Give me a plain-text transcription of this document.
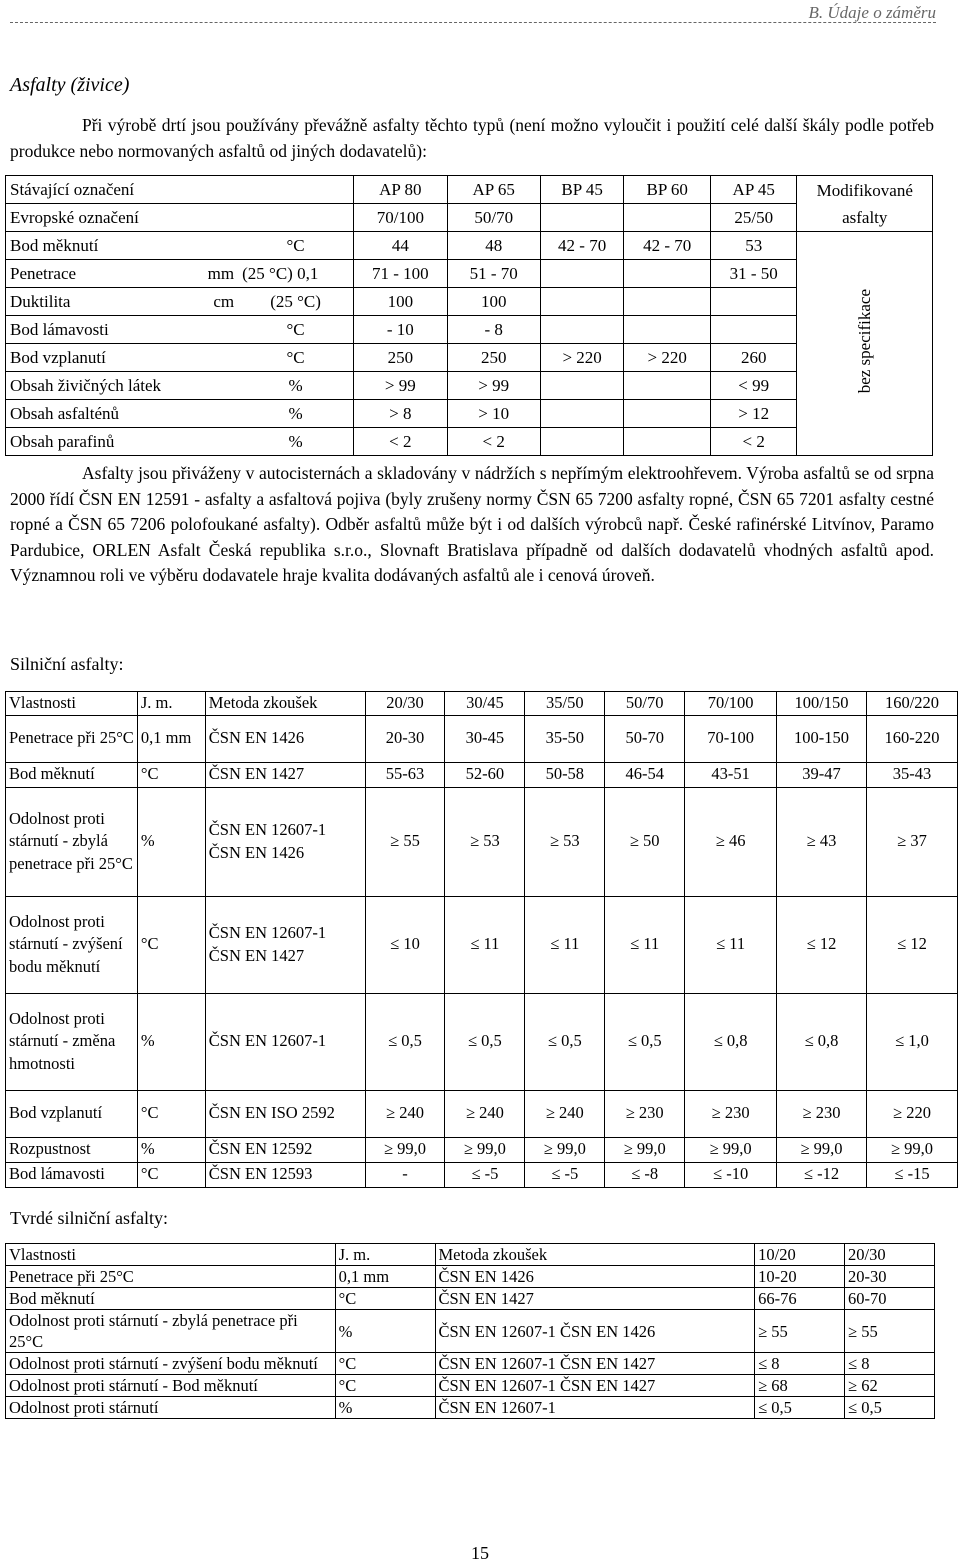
B. Údaje o záměru
Asfalty (živice)
Při výrobě drtí jsou používány převážně asfalty těchto typů (není možno vyloučit i použití celé další škály podle potřeb produkce nebo normovaných asfaltů od jiných dodavatelů):
Stávající označení			AP 80	AP 65	BP 45	BP 60	AP 45	Modifikované asfalty
Evropské označení			70/100	50/70			25/50	
Bod měknutí		°C	44	48	42 - 70	42 - 70	53	bez specifikace
Penetrace	mm	(25 °C) 0,1	71 - 100	51 - 70			31 - 50	
Duktilita	cm	(25 °C)	100	100				
Bod lámavosti		°C	- 10	- 8				
Bod vzplanutí		°C	250	250	> 220	> 220	260	
Obsah živičných látek		%	> 99	> 99			< 99	
Obsah asfalténů		%	> 8	> 10			> 12	
Obsah parafinů		%	< 2	< 2			< 2	
Asfalty jsou přiváženy v autocisternách a skladovány v nádržích s nepřímým elektroohřevem. Výroba asfaltů se od srpna 2000 řídí ČSN EN 12591 - asfalty a asfaltová pojiva (byly zrušeny normy ČSN 65 7200 asfalty ropné, ČSN 65 7201 asfalty cestné ropné a ČSN 65 7206 polofoukané asfalty). Odběr asfaltů může být i od dalších výrobců např. České rafinérské Litvínov, Paramo Pardubice, ORLEN Asfalt Česká republika s.r.o., Slovnaft Bratislava případně od dalších dodavatelů vhodných asfaltů apod. Významnou roli ve výběru dodavatele hraje kvalita dodávaných asfaltů ale i cenová úroveň.
Silniční asfalty:
Vlastnosti	J. m.	Metoda zkoušek	20/30	30/45	35/50	50/70	70/100	100/150	160/220
Penetrace při 25°C	0,1 mm	ČSN EN 1426	20-30	30-45	35-50	50-70	70-100	100-150	160-220
Bod měknutí	°C	ČSN EN 1427	55-63	52-60	50-58	46-54	43-51	39-47	35-43
Odolnost proti stárnutí - zbylá penetrace při 25°C	%	ČSN EN 12607-1 ČSN EN 1426	≥ 55	≥ 53	≥ 53	≥ 50	≥ 46	≥ 43	≥ 37
Odolnost proti stárnutí - zvýšení bodu měknutí	°C	ČSN EN 12607-1 ČSN EN 1427	≤ 10	≤ 11	≤ 11	≤ 11	≤ 11	≤ 12	≤ 12
Odolnost proti stárnutí - změna hmotnosti	%	ČSN EN 12607-1	≤ 0,5	≤ 0,5	≤ 0,5	≤ 0,5	≤ 0,8	≤ 0,8	≤ 1,0
Bod vzplanutí	°C	ČSN EN ISO 2592	≥ 240	≥ 240	≥ 240	≥ 230	≥ 230	≥ 230	≥ 220
Rozpustnost	%	ČSN EN 12592	≥ 99,0	≥ 99,0	≥ 99,0	≥ 99,0	≥ 99,0	≥ 99,0	≥ 99,0
Bod lámavosti	°C	ČSN EN 12593	-	≤ -5	≤ -5	≤ -8	≤ -10	≤ -12	≤ -15
Tvrdé silniční asfalty:
Vlastnosti	J. m.	Metoda zkoušek	10/20	20/30
Penetrace při 25°C	0,1 mm	ČSN EN 1426	10-20	20-30
Bod měknutí	°C	ČSN EN 1427	66-76	60-70
Odolnost proti stárnutí - zbylá penetrace při 25°C	%	ČSN EN 12607-1 ČSN EN 1426	≥ 55	≥ 55
Odolnost proti stárnutí - zvýšení bodu měknutí	°C	ČSN EN 12607-1 ČSN EN 1427	≤ 8	≤ 8
Odolnost proti stárnutí - Bod měknutí	°C	ČSN EN 12607-1 ČSN EN 1427	≥ 68	≥ 62
Odolnost proti stárnutí	%	ČSN EN 12607-1	≤ 0,5	≤ 0,5
15
